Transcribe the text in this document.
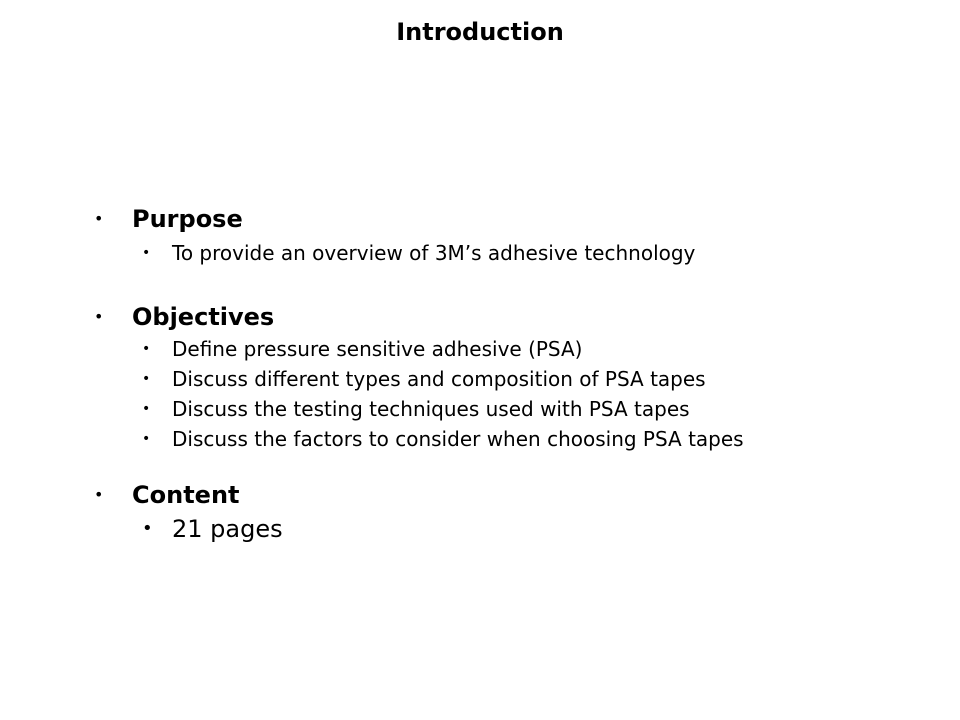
Introduction
•	Purpose
•	To provide an overview of 3M’s adhesive technology
•	Objectives
•	Define pressure sensitive adhesive (PSA)
•	Discuss different types and composition of PSA tapes
•	Discuss the testing techniques used with PSA tapes
•	Discuss the factors to consider when choosing PSA tapes
•	Content
• 21 pages
